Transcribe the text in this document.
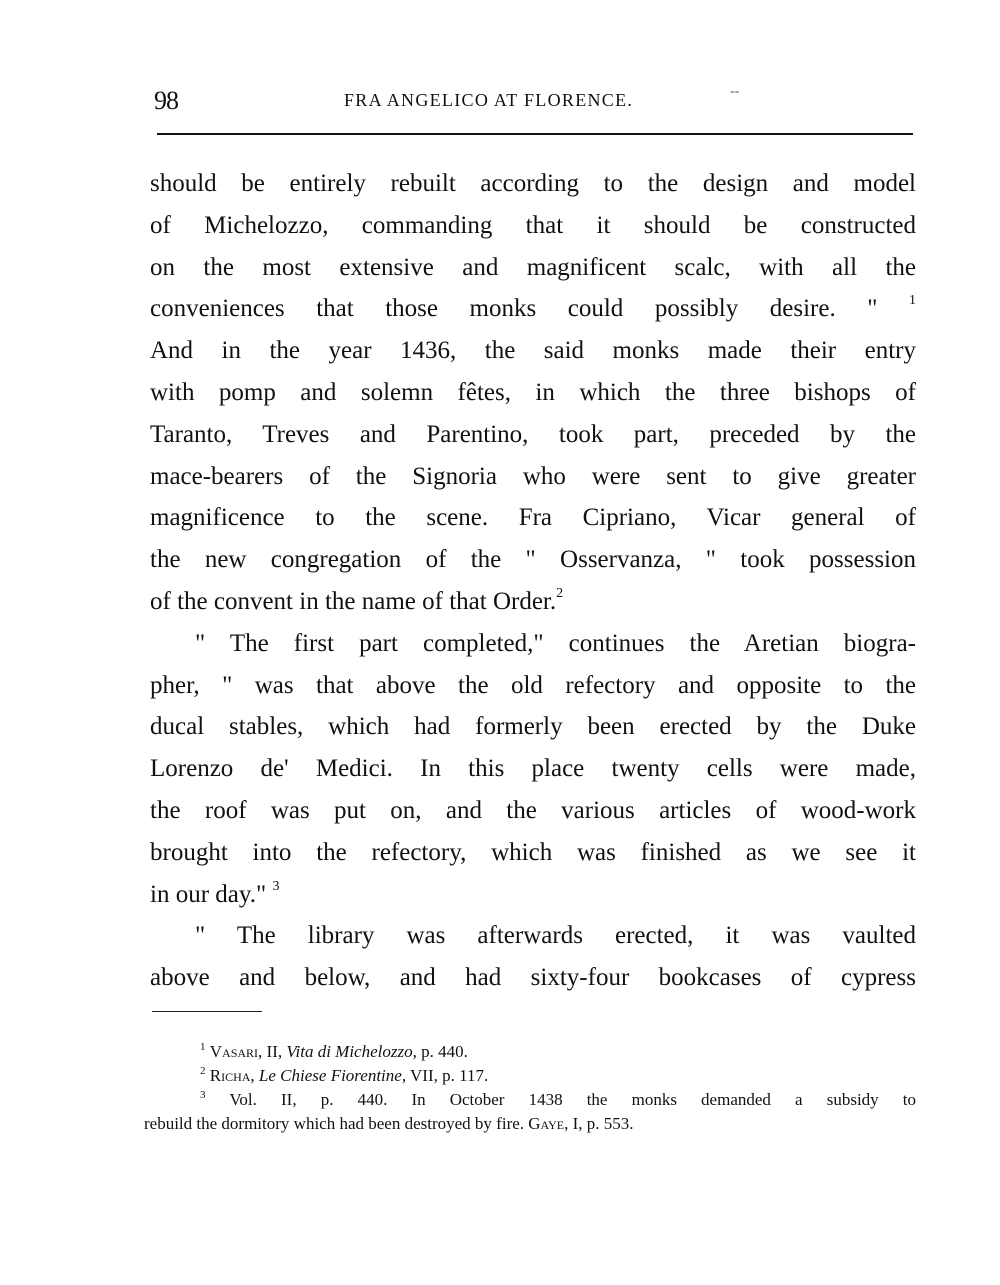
98	FRA ANGELICO AT FLORENCE.	--
should be entirely rebuilt according to the design and model
of Michelozzo, commanding that it should be constructed
on the most extensive and magnificent scalc, with all the
conveniences that those monks could possibly desire. " $^1$
And in the year 1436, the said monks made their entry
with pomp and solemn fêtes, in which the three bishops of
Taranto, Treves and Parentino, took part, preceded by the
mace-bearers of the Signoria who were sent to give greater
magnificence to the scene. Fra Cipriano, Vicar general of
the new congregation of the " Osservanza, " took possession
of the convent in the name of that Order.$^2$
" The first part completed," continues the Aretian biogra-
pher, " was that above the old refectory and opposite to the
ducal stables, which had formerly been erected by the Duke
Lorenzo de' Medici. In this place twenty cells were made,
the roof was put on, and the various articles of wood-work
brought into the refectory, which was finished as we see it
in our day." $^3$
" The library was afterwards erected, it was vaulted
above and below, and had sixty-four bookcases of cypress
$^1$ Vasari, II, Vita di Michelozzo, p. 440.
$^2$ Richa, Le Chiese Fiorentine, VII, p. 117.
$^3$ Vol. II, p. 440. In October 1438 the monks demanded a subsidy to
rebuild the dormitory which had been destroyed by fire. Gaye, I, p. 553.
